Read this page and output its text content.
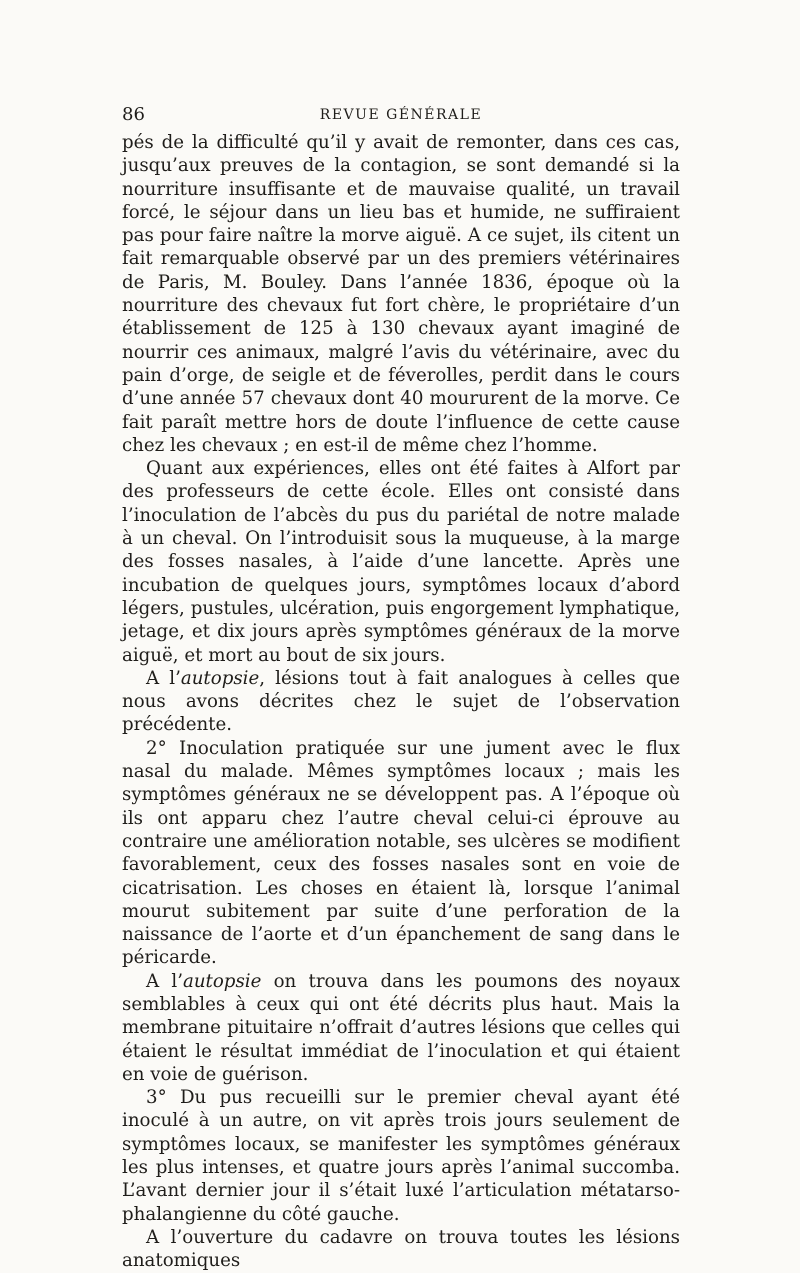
86	REVUE GÉNÉRALE

pés de la difficulté qu’il y avait de remonter, dans ces cas, jusqu’aux preuves de la contagion, se sont demandé si la nourriture insuffisante et de mauvaise qualité, un travail forcé, le séjour dans un lieu bas et humide, ne suffiraient pas pour faire naître la morve aiguë. A ce sujet, ils citent un fait remarquable observé par un des premiers vétérinaires de Paris, M. Bouley. Dans l’année 1836, époque où la nourriture des chevaux fut fort chère, le propriétaire d’un établissement de 125 à 130 chevaux ayant imaginé de nourrir ces animaux, malgré l’avis du vétérinaire, avec du pain d’orge, de seigle et de féverolles, perdit dans le cours d’une année 57 chevaux dont 40 moururent de la morve. Ce fait paraît mettre hors de doute l’influence de cette cause chez les chevaux ; en est-il de même chez l’homme.

Quant aux expériences, elles ont été faites à Alfort par des professeurs de cette école. Elles ont consisté dans l’inoculation de l’abcès du pus du pariétal de notre malade à un cheval. On l’introduisit sous la muqueuse, à la marge des fosses nasales, à l’aide d’une lancette. Après une incubation de quelques jours, symptômes locaux d’abord légers, pustules, ulcération, puis engorgement lymphatique, jetage, et dix jours après symptômes généraux de la morve aiguë, et mort au bout de six jours.

A l’autopsie, lésions tout à fait analogues à celles que nous avons décrites chez le sujet de l’observation précédente.

2° Inoculation pratiquée sur une jument avec le flux nasal du malade. Mêmes symptômes locaux ; mais les symptômes généraux ne se développent pas. A l’époque où ils ont apparu chez l’autre cheval celui-ci éprouve au contraire une amélioration notable, ses ulcères se modifient favorablement, ceux des fosses nasales sont en voie de cicatrisation. Les choses en étaient là, lorsque l’animal mourut subitement par suite d’une perforation de la naissance de l’aorte et d’un épanchement de sang dans le péricarde.

A l’autopsie on trouva dans les poumons des noyaux semblables à ceux qui ont été décrits plus haut. Mais la membrane pituitaire n’offrait d’autres lésions que celles qui étaient le résultat immédiat de l’inoculation et qui étaient en voie de guérison.

3° Du pus recueilli sur le premier cheval ayant été inoculé à un autre, on vit après trois jours seulement de symptômes locaux, se manifester les symptômes généraux les plus intenses, et quatre jours après l’animal succomba. L’avant dernier jour il s’était luxé l’articulation métatarso-phalangienne du côté gauche.

A l’ouverture du cadavre on trouva toutes les lésions anatomiques
